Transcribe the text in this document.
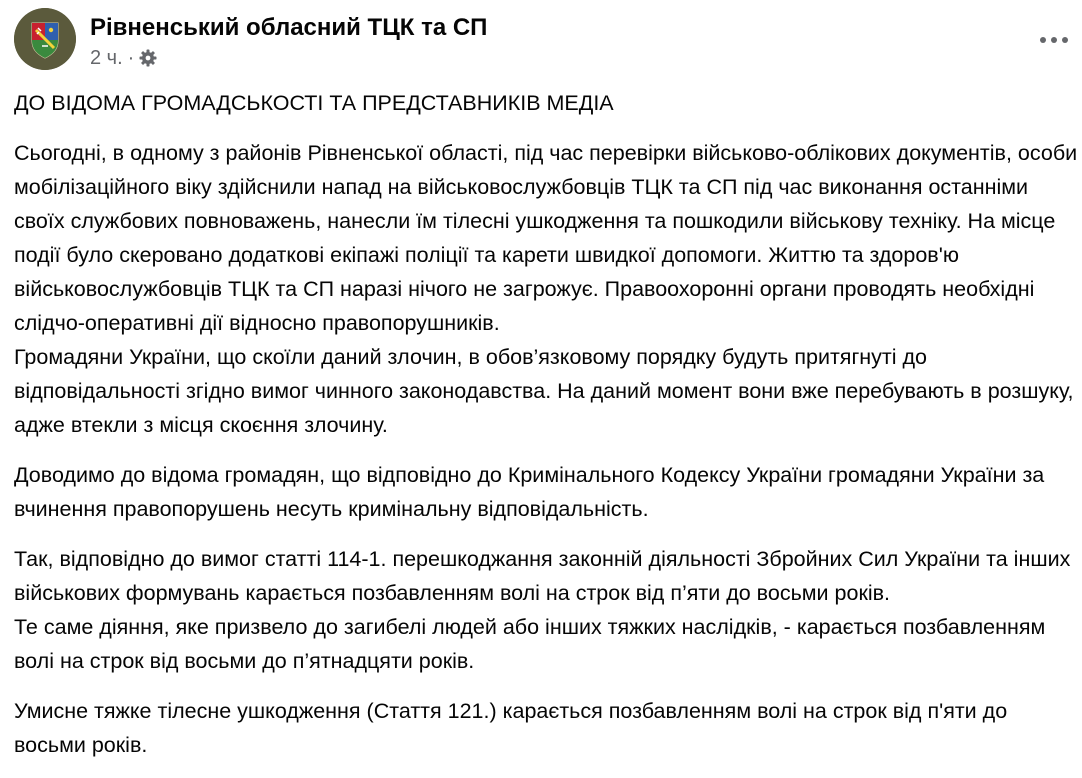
Рівненський обласний ТЦК та СП
2 ч. ·

ДО ВІДОМА ГРОМАДСЬКОСТІ ТА ПРЕДСТАВНИКІВ МЕДІА

Сьогодні, в одному з районів Рівненської області, під час перевірки військово-облікових документів, особи мобілізаційного віку здійснили напад на військовослужбовців ТЦК та СП під час виконання останніми своїх службових повноважень, нанесли їм тілесні ушкодження та пошкодили військову техніку. На місце події було скеровано додаткові екіпажі поліції та карети швидкої допомоги. Життю та здоров'ю військовослужбовців ТЦК та СП наразі нічого не загрожує. Правоохоронні органи проводять необхідні слідчо-оперативні дії відносно правопорушників.
Громадяни України, що скоїли даний злочин, в обов’язковому порядку будуть притягнуті до відповідальності згідно вимог чинного законодавства. На даний момент вони вже перебувають в розшуку, адже втекли з місця скоєння злочину.

Доводимо до відома громадян, що відповідно до Кримінального Кодексу України громадяни України за вчинення правопорушень несуть кримінальну відповідальність.

Так, відповідно до вимог статті 114-1. перешкоджання законній діяльності Збройних Сил України та інших військових формувань карається позбавленням волі на строк від п’яти до восьми років.
Те саме діяння, яке призвело до загибелі людей або інших тяжких наслідків, - карається позбавленням волі на строк від восьми до п’ятнадцяти років.

Умисне тяжке тілесне ушкодження (Стаття 121.) карається позбавленням волі на строк від п'яти до восьми років.
